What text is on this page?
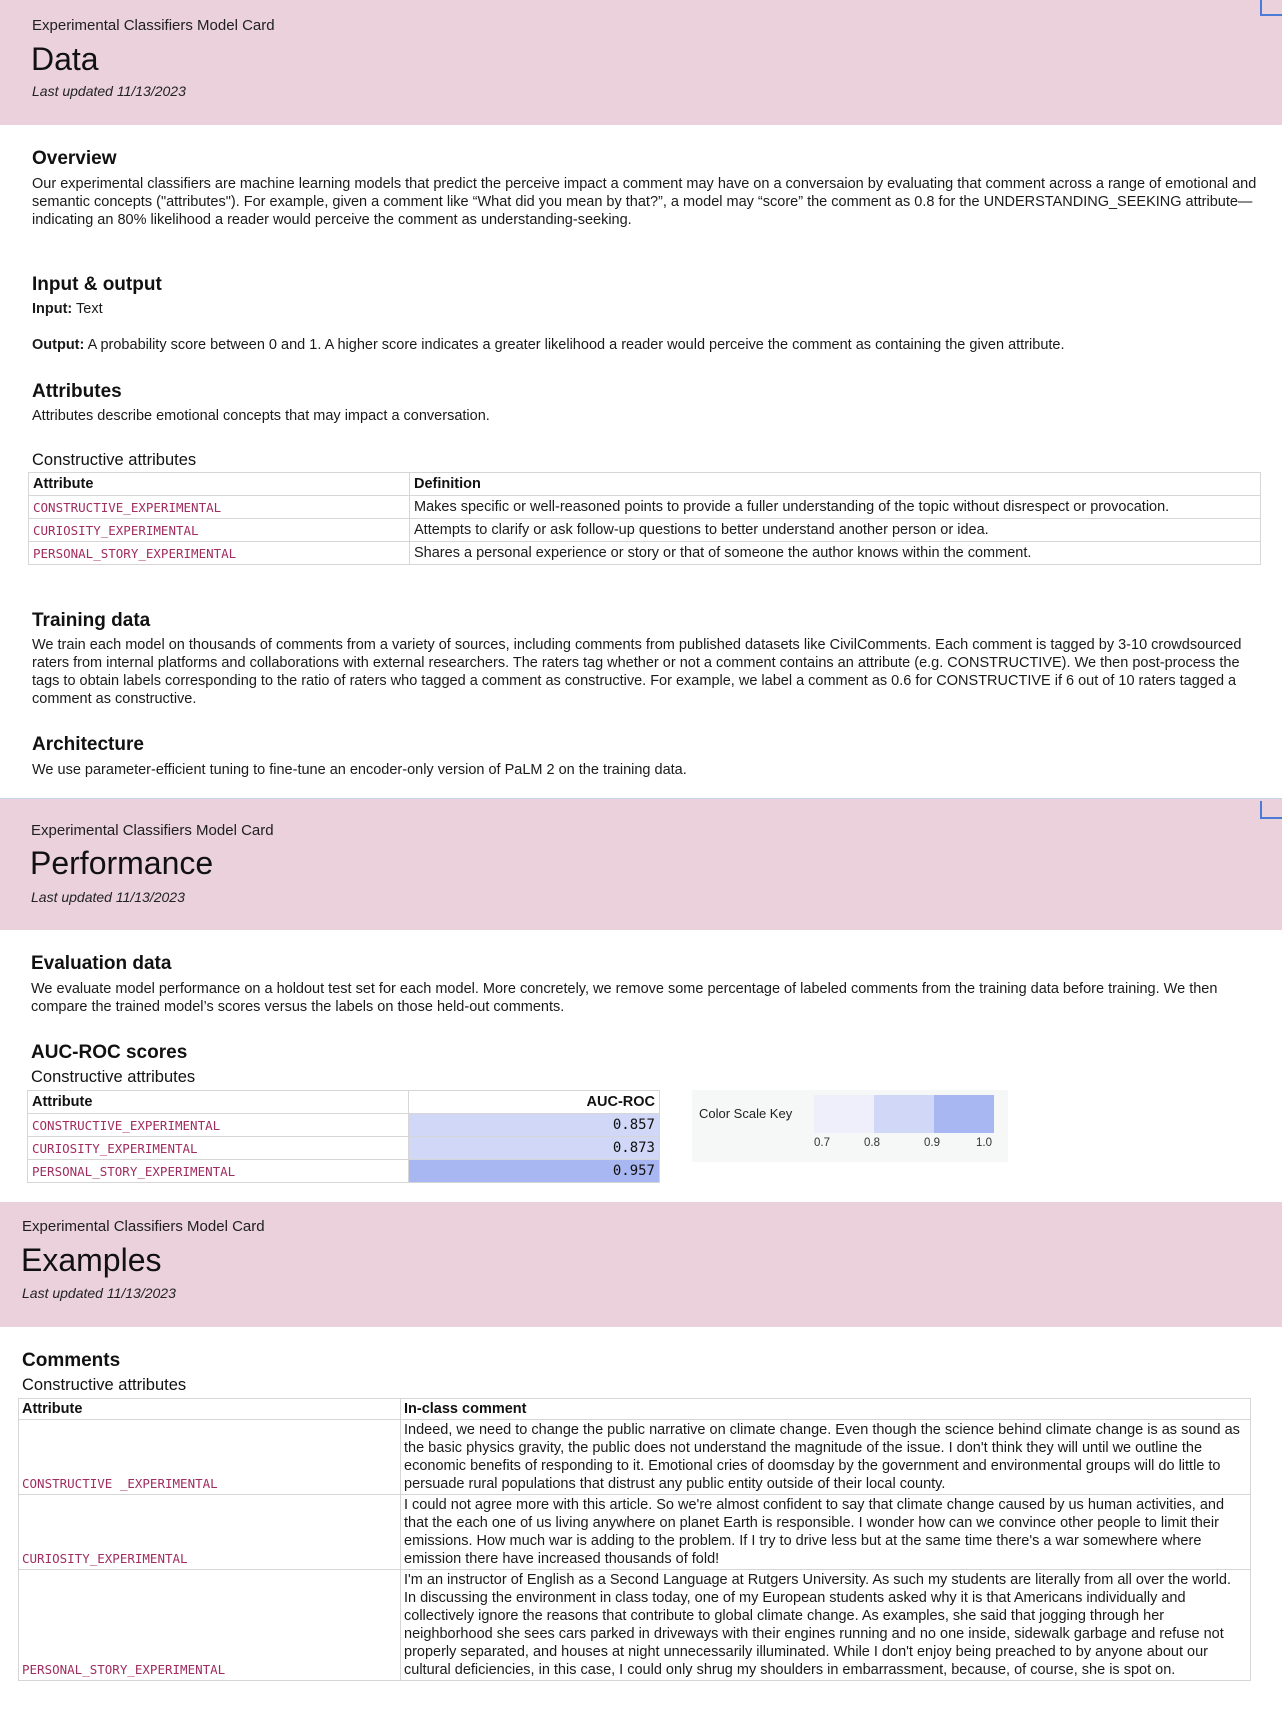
Experimental Classifiers Model Card
Data
Last updated 11/13/2023
Overview
Our experimental classifiers are machine learning models that predict the perceive impact a comment may have on a conversaion by evaluating that comment across a range of emotional and semantic concepts ("attributes"). For example, given a comment like “What did you mean by that?”, a model may “score” the comment as 0.8 for the UNDERSTANDING_SEEKING attribute—indicating an 80% likelihood a reader would perceive the comment as understanding-seeking.
Input & output
Input: Text
Output: A probability score between 0 and 1. A higher score indicates a greater likelihood a reader would perceive the comment as containing the given attribute.
Attributes
Attributes describe emotional concepts that may impact a conversation.
Constructive attributes
Attribute	Definition
CONSTRUCTIVE_EXPERIMENTAL	Makes specific or well-reasoned points to provide a fuller understanding of the topic without disrespect or provocation.
CURIOSITY_EXPERIMENTAL	Attempts to clarify or ask follow-up questions to better understand another person or idea.
PERSONAL_STORY_EXPERIMENTAL	Shares a personal experience or story or that of someone the author knows within the comment.
Training data
We train each model on thousands of comments from a variety of sources, including comments from published datasets like CivilComments. Each comment is tagged by 3-10 crowdsourced raters from internal platforms and collaborations with external researchers. The raters tag whether or not a comment contains an attribute (e.g. CONSTRUCTIVE). We then post-process the tags to obtain labels corresponding to the ratio of raters who tagged a comment as constructive. For example, we label a comment as 0.6 for CONSTRUCTIVE if 6 out of 10 raters tagged a comment as constructive.
Architecture
We use parameter-efficient tuning to fine-tune an encoder-only version of PaLM 2 on the training data.
Experimental Classifiers Model Card
Performance
Last updated 11/13/2023
Evaluation data
We evaluate model performance on a holdout test set for each model. More concretely, we remove some percentage of labeled comments from the training data before training. We then compare the trained model’s scores versus the labels on those held-out comments.
AUC-ROC scores
Constructive attributes
Attribute	AUC-ROC
CONSTRUCTIVE_EXPERIMENTAL	0.857
CURIOSITY_EXPERIMENTAL	0.873
PERSONAL_STORY_EXPERIMENTAL	0.957
Color Scale Key
0.7	0.8	0.9	1.0
Experimental Classifiers Model Card
Examples
Last updated 11/13/2023
Comments
Constructive attributes
Attribute	In-class comment
CONSTRUCTIVE _EXPERIMENTAL	Indeed, we need to change the public narrative on climate change. Even though the science behind climate change is as sound as the basic physics gravity, the public does not understand the magnitude of the issue. I don't think they will until we outline the economic benefits of responding to it. Emotional cries of doomsday by the government and environmental groups will do little to persuade rural populations that distrust any public entity outside of their local county.
CURIOSITY_EXPERIMENTAL	I could not agree more with this article. So we're almost confident to say that climate change caused by us human activities, and that the each one of us living anywhere on planet Earth is responsible. I wonder how can we convince other people to limit their emissions. How much war is adding to the problem. If I try to drive less but at the same time there's a war somewhere where emission there have increased thousands of fold!
PERSONAL_STORY_EXPERIMENTAL	I'm an instructor of English as a Second Language at Rutgers University. As such my students are literally from all over the world. In discussing the environment in class today, one of my European students asked why it is that Americans individually and collectively ignore the reasons that contribute to global climate change. As examples, she said that jogging through her neighborhood she sees cars parked in driveways with their engines running and no one inside, sidewalk garbage and refuse not properly separated, and houses at night unnecessarily illuminated. While I don't enjoy being preached to by anyone about our cultural deficiencies, in this case, I could only shrug my shoulders in embarrassment, because, of course, she is spot on.
